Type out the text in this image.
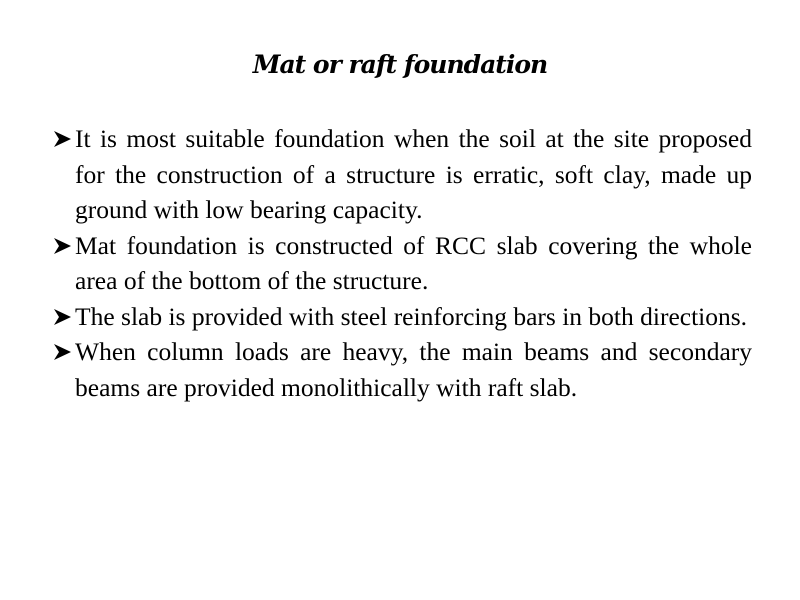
Mat or raft foundation
It is most suitable foundation when the soil at the site proposed for the construction of a structure is erratic, soft clay, made up ground with low bearing capacity.
Mat foundation is constructed of RCC slab covering the whole area of the bottom of the structure.
The slab is provided with steel reinforcing bars in both directions.
When column loads are heavy, the main beams and secondary beams are provided monolithically with raft slab.
